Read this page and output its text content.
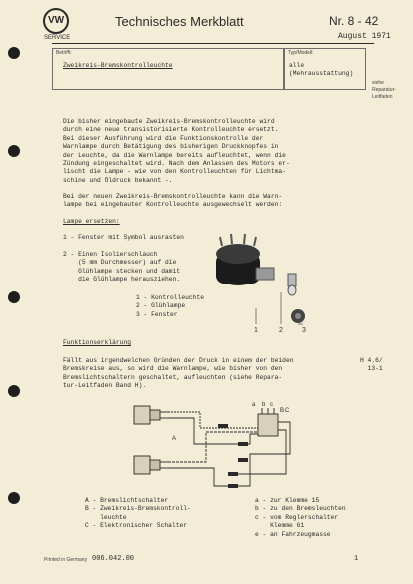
VW
SERVICE
Technisches Merkblatt	Nr. 8 - 42
August 1971
Betrifft:
Zweikreis-Bremskontrolleuchte
Typ/Modell:
alle
(Mehrausstattung)
siehe
Reparatur-
Leitfaden
Die bisher eingebaute Zweikreis-Bremskontrolleuchte wird
durch eine neue transistorisierte Kontrolleuchte ersetzt.
Bei dieser Ausführung wird die Funktionskontrolle der
Warnlampe durch Betätigung des bisherigen Druckknopfes in
der Leuchte, da die Warnlampe bereits aufleuchtet, wenn die
Zündung eingeschaltet wird. Nach dem Anlassen des Motors er-
lischt die Lampe - wie von den Kontrolleuchten für Lichtma-
schine und Öldruck bekannt -.
Bei der neuen Zweikreis-Bremskontrolleuchte kann die Warn-
lampe bei eingebauter Kontrolleuchte ausgewechselt werden:
Lampe ersetzen:
1 - Fenster mit Symbol ausrasten
2 - Einen Isolierschlauch
(5 mm Durchmesser) auf die
Glühlampe stecken und damit
die Glühlampe herausziehen.
1 - Kontrolleuchte
2 - Glühlampe
3 - Fenster
1	2	3
Funktionserklärung
Fällt aus irgendwelchen Gründen der Druck in einem der beiden
Bremskreise aus, so wird die Warnlampe, wie bisher von den
Bremslichtschaltern geschaltet, aufleuchten (siehe Repara-
tur-Leitfaden Band H).
H 4.6/
13-1
A
B C
a b c
A - Bremslichtschalter
B - Zweikreis-Bremskontroll-
leuchte
C - Elektronischer Schalter
a - zur Klemme 15
b - zu den Bremsleuchten
c - vom Reglerschalter
Klemme 61
e - an Fahrzeugmasse
Printed in Germany 006.042.00	1
